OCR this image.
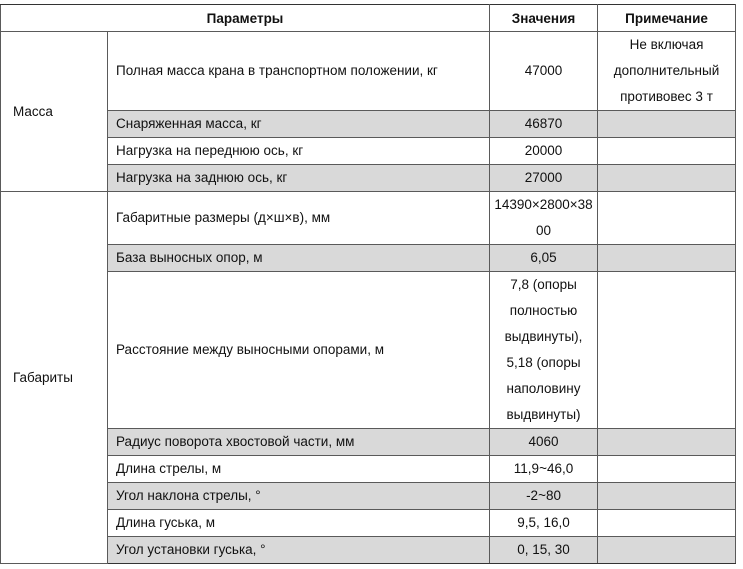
Параметры		Значения	Примечание
Масса	Полная масса крана в транспортном положении, кг	47000	Не включая дополнительный противовес 3 т
	Снаряженная масса, кг	46870	
	Нагрузка на переднюю ось, кг	20000	
	Нагрузка на заднюю ось, кг	27000	
Габариты	Габаритные размеры (д×ш×в), мм	14390×2800×3800	
	База выносных опор, м	6,05	
	Расстояние между выносными опорами, м	7,8 (опоры полностью выдвинуты), 5,18 (опоры наполовину выдвинуты)	
	Радиус поворота хвостовой части, мм	4060	
	Длина стрелы, м	11,9~46,0	
	Угол наклона стрелы, °	-2~80	
	Длина гуська, м	9,5, 16,0	
	Угол установки гуська, °	0, 15, 30	
